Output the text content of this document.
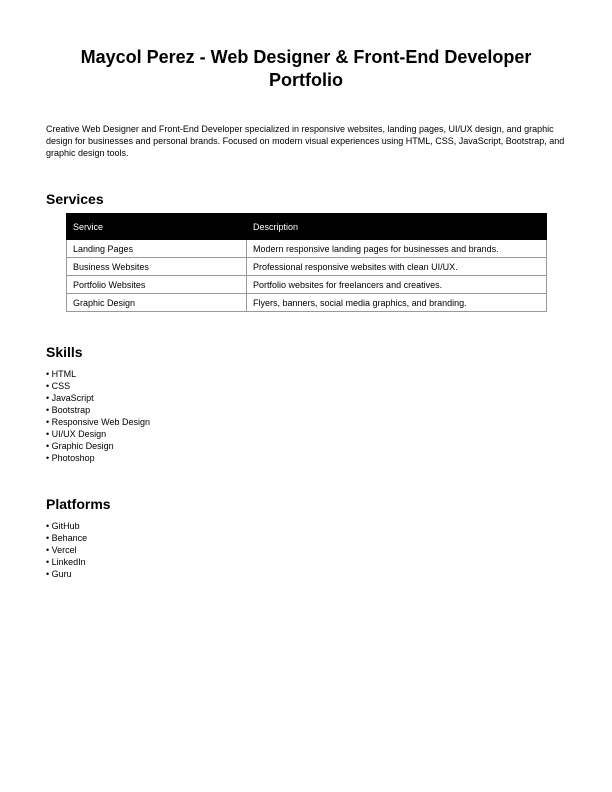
Maycol Perez - Web Designer & Front-End Developer Portfolio

Creative Web Designer and Front-End Developer specialized in responsive websites, landing pages, UI/UX design, and graphic design for businesses and personal brands. Focused on modern visual experiences using HTML, CSS, JavaScript, Bootstrap, and graphic design tools.

Services
Service	Description
Landing Pages	Modern responsive landing pages for businesses and brands.
Business Websites	Professional responsive websites with clean UI/UX.
Portfolio Websites	Portfolio websites for freelancers and creatives.
Graphic Design	Flyers, banners, social media graphics, and branding.
Skills
• HTML
• CSS
• JavaScript
• Bootstrap
• Responsive Web Design
• UI/UX Design
• Graphic Design
• Photoshop
Platforms
• GitHub
• Behance
• Vercel
• LinkedIn
• Guru
